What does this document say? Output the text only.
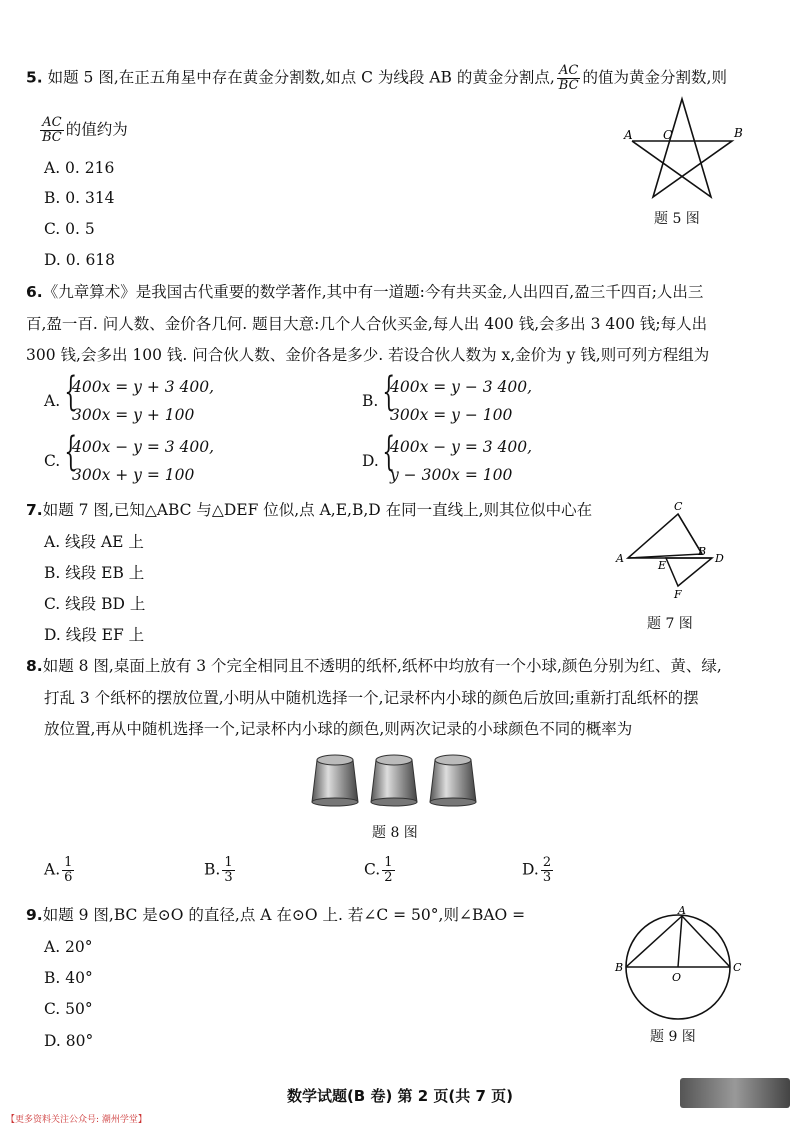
5. 如题 5 图,在正五角星中存在黄金分割数,如点 C 为线段 AB 的黄金分割点, $\frac{AC}{BC}$ 的值为黄金分割数,则
$\frac{AC}{BC}$ 的值约为
A. 0. 216
B. 0. 314
C. 0. 5
D. 0. 618
A	C	B
题 5 图
6.《九章算术》是我国古代重要的数学著作,其中有一道题:今有共买金,人出四百,盈三千四百;人出三
百,盈一百. 问人数、金价各几何. 题目大意:几个人合伙买金,每人出 400 钱,会多出 3 400 钱;每人出
300 钱,会多出 100 钱. 问合伙人数、金价各是多少. 若设合伙人数为 x,金价为 y 钱,则可列方程组为
A. {
400x = y + 3 400,
300x = y + 100
B. {
400x = y − 3 400,
300x = y − 100
C. {
400x − y = 3 400,
300x + y = 100
D. {
400x − y = 3 400,
y − 300x = 100
7.如题 7 图,已知△ABC 与△DEF 位似,点 A,E,B,D 在同一直线上,则其位似中心在
A. 线段 AE 上
B. 线段 EB 上
C. 线段 BD 上
D. 线段 EF 上
C
A
B
D
E
F
题 7 图
8.如题 8 图,桌面上放有 3 个完全相同且不透明的纸杯,纸杯中均放有一个小球,颜色分别为红、黄、绿,
打乱 3 个纸杯的摆放位置,小明从中随机选择一个,记录杯内小球的颜色后放回;重新打乱纸杯的摆
放位置,再从中随机选择一个,记录杯内小球的颜色,则两次记录的小球颜色不同的概率为
题 8 图
A. $\frac{1}{6}$	B. $\frac{1}{3}$	C. $\frac{1}{2}$	D. $\frac{2}{3}$
9.如题 9 图,BC 是⊙O 的直径,点 A 在⊙O 上. 若∠C = 50°,则∠BAO =
A. 20°
B. 40°
C. 50°
D. 80°
A
B	C
O
题 9 图
数学试题(B 卷) 第 2 页(共 7 页)
【更多资料关注公众号: 潮州学堂】
